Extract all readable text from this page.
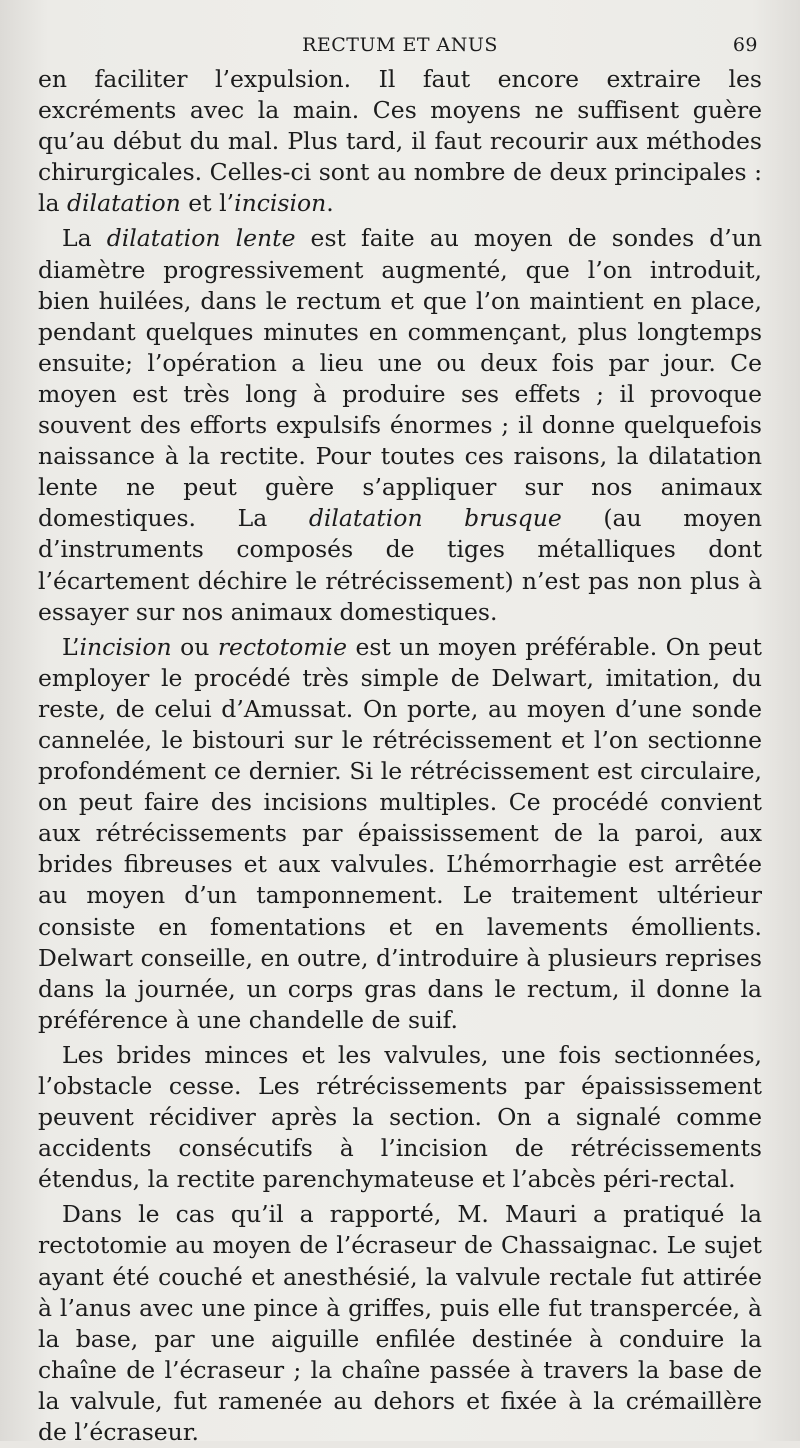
RECTUM ET ANUS	69

en faciliter l’expulsion. Il faut encore extraire les excréments avec la main. Ces moyens ne suffisent guère qu’au début du mal. Plus tard, il faut recourir aux méthodes chirurgicales. Celles-ci sont au nombre de deux principales : la dilatation et l’incision.

La dilatation lente est faite au moyen de sondes d’un diamètre progressivement augmenté, que l’on introduit, bien huilées, dans le rectum et que l’on maintient en place, pendant quelques minutes en commençant, plus longtemps ensuite; l’opération a lieu une ou deux fois par jour. Ce moyen est très long à produire ses effets ; il provoque souvent des efforts expulsifs énormes ; il donne quelquefois naissance à la rectite. Pour toutes ces raisons, la dilatation lente ne peut guère s’appliquer sur nos animaux domestiques. La dilatation brusque (au moyen d’instruments composés de tiges métalliques dont l’écartement déchire le rétrécissement) n’est pas non plus à essayer sur nos animaux domestiques.

L’incision ou rectotomie est un moyen préférable. On peut employer le procédé très simple de Delwart, imitation, du reste, de celui d’Amussat. On porte, au moyen d’une sonde cannelée, le bistouri sur le rétrécissement et l’on sectionne profondément ce dernier. Si le rétrécissement est circulaire, on peut faire des incisions multiples. Ce procédé convient aux rétrécissements par épaississement de la paroi, aux brides fibreuses et aux valvules. L’hémorrhagie est arrêtée au moyen d’un tamponnement. Le traitement ultérieur consiste en fomentations et en lavements émollients. Delwart conseille, en outre, d’introduire à plusieurs reprises dans la journée, un corps gras dans le rectum, il donne la préférence à une chandelle de suif.

Les brides minces et les valvules, une fois sectionnées, l’obstacle cesse. Les rétrécissements par épaississement peuvent récidiver après la section. On a signalé comme accidents consécutifs à l’incision de rétrécissements étendus, la rectite parenchymateuse et l’abcès péri-rectal.

Dans le cas qu’il a rapporté, M. Mauri a pratiqué la rectotomie au moyen de l’écraseur de Chassaignac. Le sujet ayant été couché et anesthésié, la valvule rectale fut attirée à l’anus avec une pince à griffes, puis elle fut transpercée, à la base, par une aiguille enfilée destinée à conduire la chaîne de l’écraseur ; la chaîne passée à travers la base de la valvule, fut ramenée au dehors et fixée à la crémaillère de l’écraseur.
